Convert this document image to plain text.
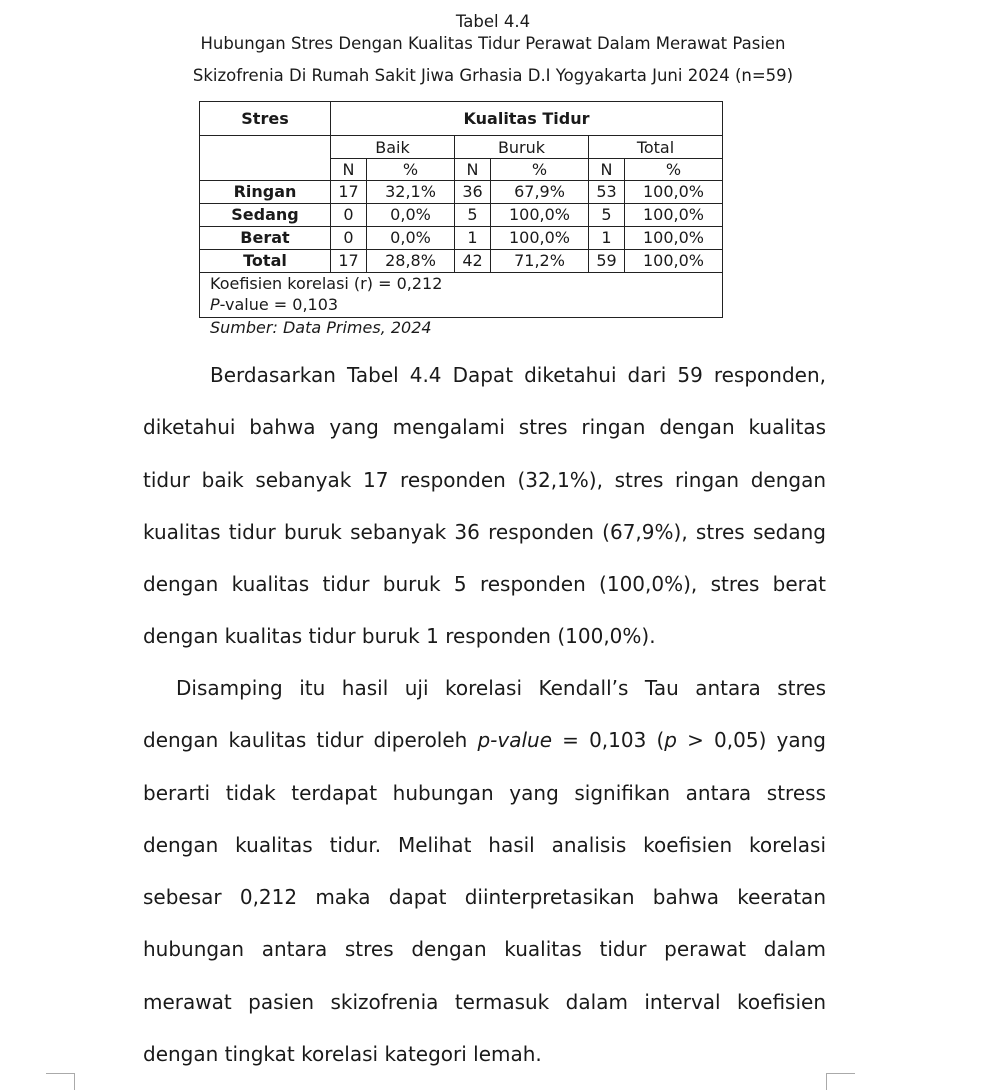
Tabel 4.4
Hubungan Stres Dengan Kualitas Tidur Perawat Dalam Merawat Pasien
Skizofrenia Di Rumah Sakit Jiwa Grhasia D.I Yogyakarta Juni 2024 (n=59)
Stres	Kualitas Tidur					
	Baik		Buruk		Total	
	N	%	N	%	N	%
Ringan	17	32,1%	36	67,9%	53	100,0%
Sedang	0	0,0%	5	100,0%	5	100,0%
Berat	0	0,0%	1	100,0%	1	100,0%
Total	17	28,8%	42	71,2%	59	100,0%

Koefisien korelasi (r) = 0,212
P-value = 0,103						
Sumber: Data Primes, 2024

Berdasarkan Tabel 4.4 Dapat diketahui dari 59 responden, diketahui bahwa yang mengalami stres ringan dengan kualitas tidur baik sebanyak 17 responden (32,1%), stres ringan dengan kualitas tidur buruk sebanyak 36 responden (67,9%), stres sedang dengan kualitas tidur buruk 5 responden (100,0%), stres berat dengan kualitas tidur buruk 1 responden (100,0%).

Disamping itu hasil uji korelasi Kendall’s Tau antara stres dengan kaulitas tidur diperoleh p-value = 0,103 (p > 0,05) yang berarti tidak terdapat hubungan yang signifikan antara stress dengan kualitas tidur. Melihat hasil analisis koefisien korelasi sebesar 0,212 maka dapat diinterpretasikan bahwa keeratan hubungan antara stres dengan kualitas tidur perawat dalam merawat pasien skizofrenia termasuk dalam interval koefisien dengan tingkat korelasi kategori lemah.
